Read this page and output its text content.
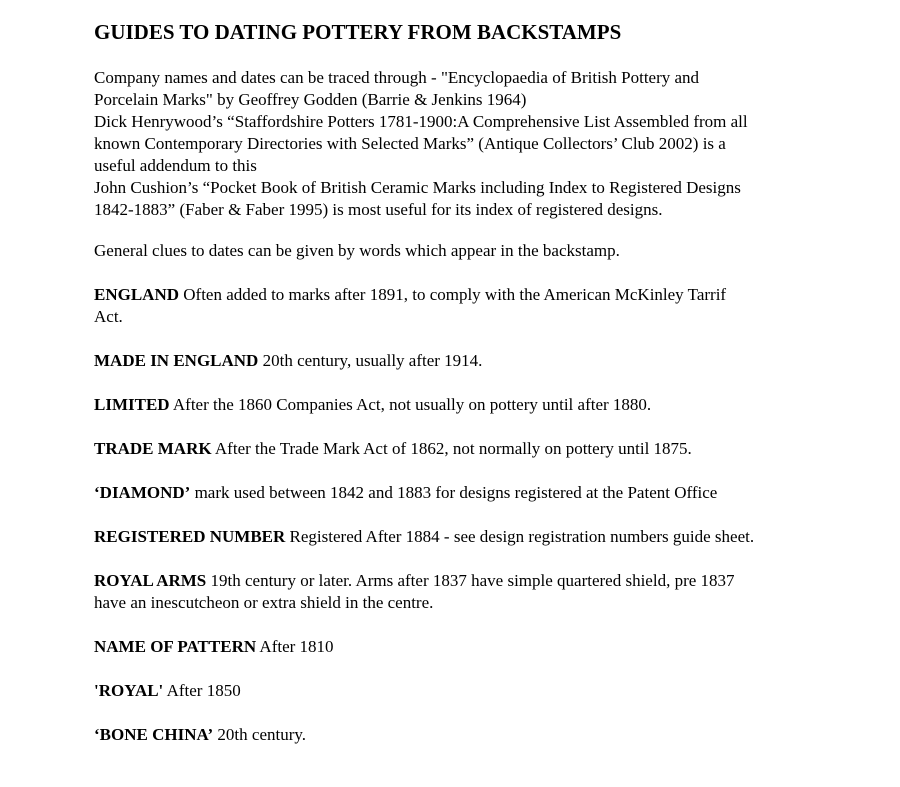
GUIDES TO DATING POTTERY FROM BACKSTAMPS
Company names and dates can be traced through - "Encyclopaedia of British Pottery and
Porcelain Marks" by Geoffrey Godden (Barrie & Jenkins 1964)
Dick Henrywood’s “Staffordshire Potters 1781-1900:A Comprehensive List Assembled from all
known Contemporary Directories with Selected Marks” (Antique Collectors’ Club 2002) is a
useful addendum to this
John Cushion’s “Pocket Book of British Ceramic Marks including Index to Registered Designs
1842-1883” (Faber & Faber 1995) is most useful for its index of registered designs.
General clues to dates can be given by words which appear in the backstamp.
ENGLAND Often added to marks after 1891, to comply with the American McKinley Tarrif
Act.
MADE IN ENGLAND 20th century, usually after 1914.
LIMITED After the 1860 Companies Act, not usually on pottery until after 1880.
TRADE MARK After the Trade Mark Act of 1862, not normally on pottery until 1875.
‘DIAMOND’ mark used between 1842 and 1883 for designs registered at the Patent Office
REGISTERED NUMBER Registered After 1884 - see design registration numbers guide sheet.
ROYAL ARMS 19th century or later. Arms after 1837 have simple quartered shield, pre 1837
have an inescutcheon or extra shield in the centre.
NAME OF PATTERN After 1810
'ROYAL' After 1850
‘BONE CHINA’ 20th century.
